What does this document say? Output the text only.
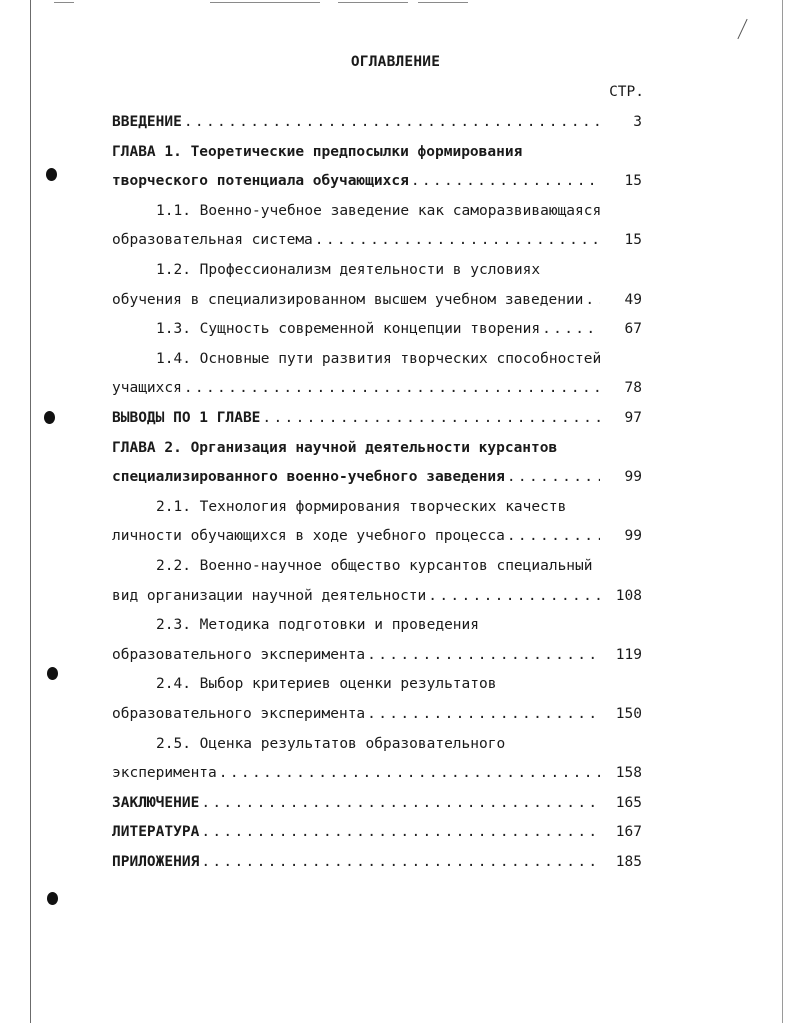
ОГЛАВЛЕНИЕ
СТР.
ВВЕДЕНИЕ . . .	3
ГЛАВА 1. Теоретические предпосылки формирования
творческого потенциала обучающихся . . .	15
1.1. Военно-учебное заведение как саморазвивающаяся
образовательная система . . .	15
1.2. Профессионализм деятельности в условиях
обучения в специализированном высшем учебном заведении . . .	49
1.3. Сущность современной концепции творения . . .	67
1.4. Основные пути развития творческих способностей
учащихся . . .	78
ВЫВОДЫ ПО 1 ГЛАВЕ . . .	97
ГЛАВА 2. Организация научной деятельности курсантов
специализированного военно-учебного заведения . . .	99
2.1. Технология формирования творческих качеств
личности обучающихся в ходе учебного процесса . . .	99
2.2. Военно-научное общество курсантов специальный
вид организации научной деятельности . . .	108
2.3. Методика подготовки и проведения
образовательного эксперимента . . .	119
2.4. Выбор критериев оценки результатов
образовательного эксперимента . . .	150
2.5. Оценка результатов образовательного
эксперимента . . .	158
ЗАКЛЮЧЕНИЕ . . .	165
ЛИТЕРАТУРА . . .	167
ПРИЛОЖЕНИЯ . . .	185
